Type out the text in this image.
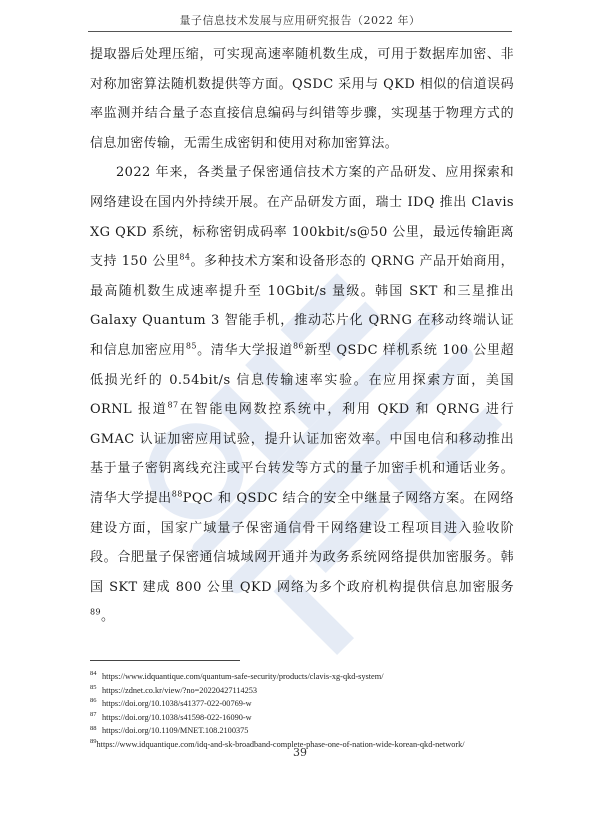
量子信息技术发展与应用研究报告（2022 年）

提取器后处理压缩，可实现高速率随机数生成，可用于数据库加密、非对称加密算法随机数提供等方面。QSDC 采用与 QKD 相似的信道误码率监测并结合量子态直接信息编码与纠错等步骤，实现基于物理方式的信息加密传输，无需生成密钥和使用对称加密算法。

2022 年来，各类量子保密通信技术方案的产品研发、应用探索和网络建设在国内外持续开展。在产品研发方面，瑞士 IDQ 推出 Clavis XG QKD 系统，标称密钥成码率 100kbit/s@50 公里，最远传输距离支持 150 公里$^{84}$。多种技术方案和设备形态的 QRNG 产品开始商用，最高随机数生成速率提升至 10Gbit/s 量级。韩国 SKT 和三星推出 Galaxy Quantum 3 智能手机，推动芯片化 QRNG 在移动终端认证和信息加密应用$^{85}$。清华大学报道$^{86}$新型 QSDC 样机系统 100 公里超低损光纤的 0.54bit/s 信息传输速率实验。在应用探索方面，美国 ORNL 报道$^{87}$在智能电网数控系统中，利用 QKD 和 QRNG 进行 GMAC 认证加密应用试验，提升认证加密效率。中国电信和移动推出基于量子密钥离线充注或平台转发等方式的量子加密手机和通话业务。清华大学提出$^{88}$PQC 和 QSDC 结合的安全中继量子网络方案。在网络建设方面，国家广域量子保密通信骨干网络建设工程项目进入验收阶段。合肥量子保密通信城域网开通并为政务系统网络提供加密服务。韩国 SKT 建成 800 公里 QKD 网络为多个政府机构提供信息加密服务$^{89}$。

84 https://www.idquantique.com/quantum-safe-security/products/clavis-xg-qkd-system/
85 https://zdnet.co.kr/view/?no=20220427114253
86 https://doi.org/10.1038/s41377-022-00769-w
87 https://doi.org/10.1038/s41598-022-16090-w
88 https://doi.org/10.1109/MNET.108.2100375
89https://www.idquantique.com/idq-and-sk-broadband-complete-phase-one-of-nation-wide-korean-qkd-network/
39
